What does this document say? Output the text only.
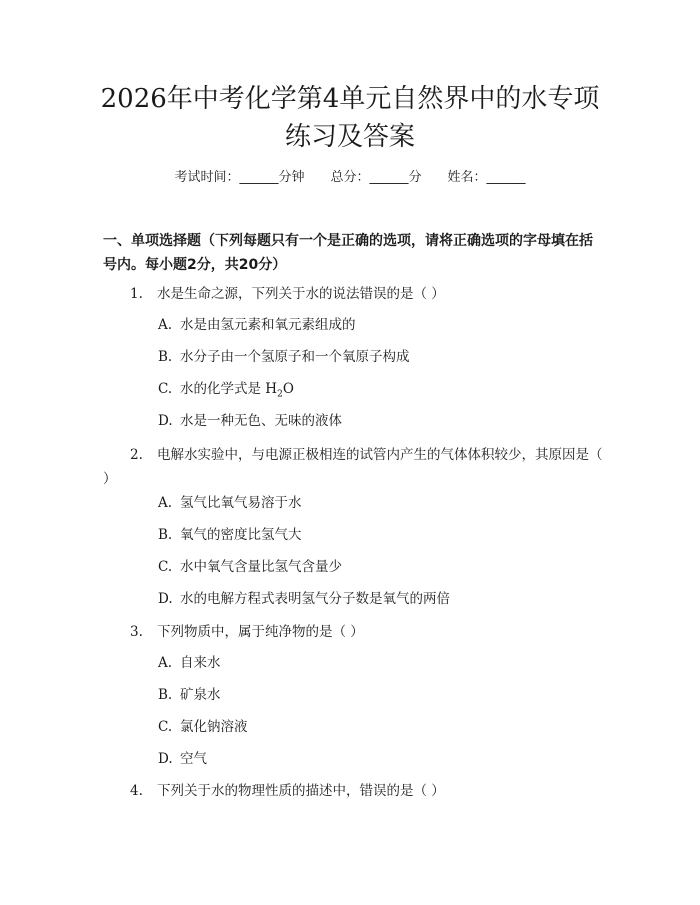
2026年中考化学第4单元自然界中的水专项
练习及答案
考试时间：______分钟 总分：______分 姓名：______

一、单项选择题（下列每题只有一个是正确的选项，请将正确选项的字母填在括号内。每小题2分，共20分）

1. 水是生命之源，下列关于水的说法错误的是（ ）
A. 水是由氢元素和氧元素组成的
B. 水分子由一个氢原子和一个氧原子构成
C. 水的化学式是 $H_2O$
D. 水是一种无色、无味的液体
2. 电解水实验中，与电源正极相连的试管内产生的气体体积较少，其原因是（ ）
A. 氢气比氧气易溶于水
B. 氧气的密度比氢气大
C. 水中氧气含量比氢气含量少
D. 水的电解方程式表明氢气分子数是氧气的两倍
3. 下列物质中，属于纯净物的是（ ）
A. 自来水
B. 矿泉水
C. 氯化钠溶液
D. 空气
4. 下列关于水的物理性质的描述中，错误的是（ ）
